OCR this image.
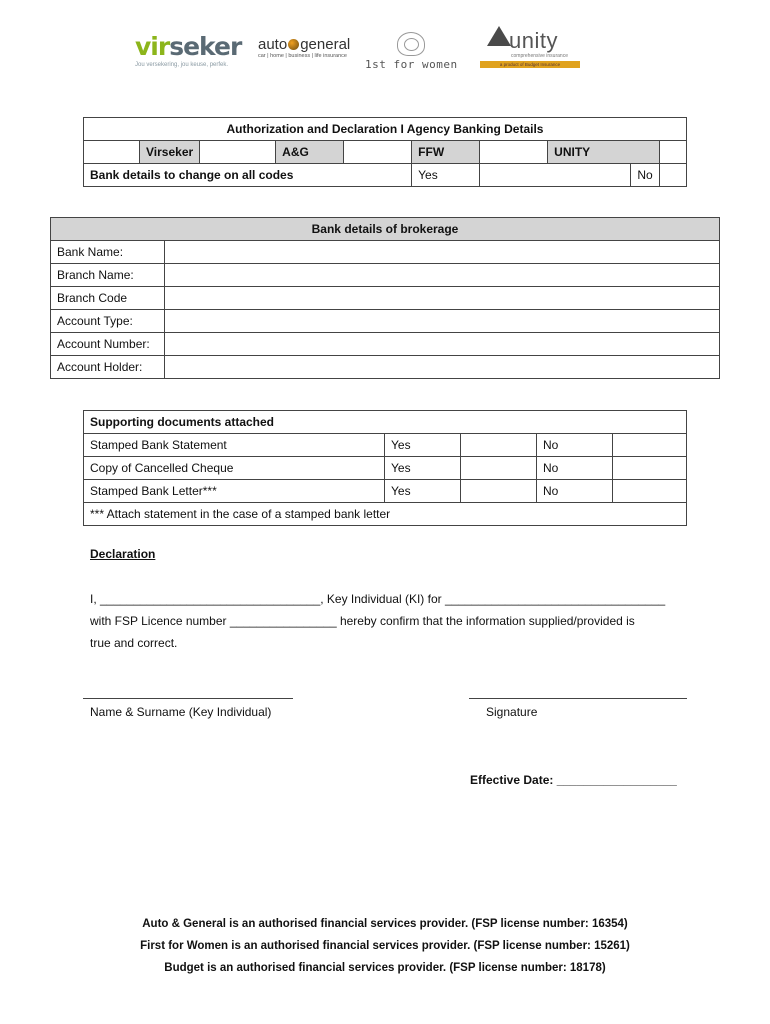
virseker
Jou versekering, jou keuse, perfek.
auto general
car | home | business | life insurance
1st for women
unity
comprehensive insurance
a product of Budget Insurance
Authorization and Declaration I Agency Banking Details									
	Virseker		A&G		FFW		UNITY		
Bank details to change on all codes					Yes			No	
Bank details of brokerage	
Bank Name:	
Branch Name:	
Branch Code	
Account Type:	
Account Number:	
Account Holder:	
Supporting documents attached				
Stamped Bank Statement	Yes		No	
Copy of Cancelled Cheque	Yes		No	
Stamped Bank Letter***	Yes		No	
*** Attach statement in the case of a stamped bank letter				
Declaration
I, _________________________________, Key Individual (KI) for _________________________________
with FSP Licence number ________________ hereby confirm that the information supplied/provided is
true and correct.
Name & Surname (Key Individual)	Signature
Effective Date: __________________
Auto & General is an authorised financial services provider. (FSP license number: 16354)
First for Women is an authorised financial services provider. (FSP license number: 15261)
Budget is an authorised financial services provider. (FSP license number: 18178)
